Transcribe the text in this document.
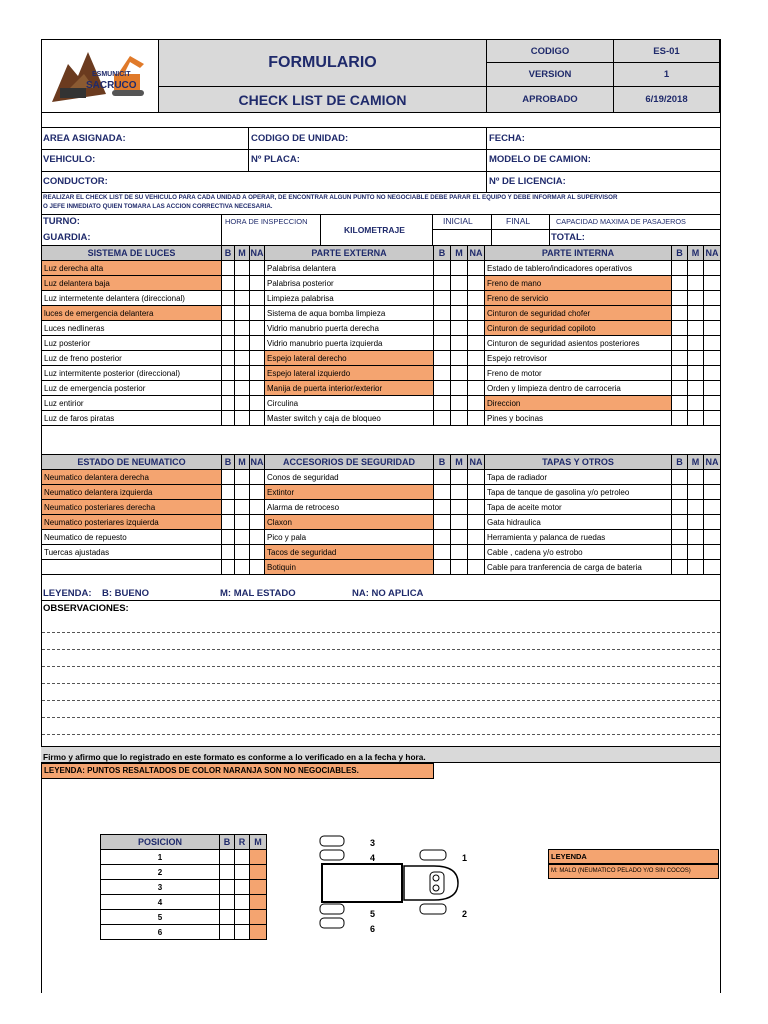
ESMUNICIT
SACRUCO
FORMULARIO
CHECK LIST DE CAMION
CODIGO	ES-01
VERSION	1
APROBADO	6/19/2018
AREA ASIGNADA:	CODIGO DE UNIDAD:	FECHA:
VEHICULO:	Nº PLACA:	MODELO DE CAMION:
CONDUCTOR:	Nº DE LICENCIA:
REALIZAR EL CHECK LIST DE SU VEHICULO PARA CADA UNIDAD A OPERAR, DE ENCONTRAR ALGUN PUNTO NO NEGOCIABLE DEBE PARAR EL EQUIPO Y DEBE INFORMAR AL SUPERVISOR
O JEFE INMEDIATO QUIEN TOMARA LAS ACCION CORRECTIVA NECESARIA.
TURNO:
GUARDIA:
HORA DE INSPECCION
KILOMETRAJE
INICIAL	FINAL	CAPACIDAD MAXIMA DE PASAJEROS
TOTAL:
SISTEMA DE LUCES	B	M	NA	PARTE EXTERNA	B	M	NA	PARTE INTERNA	B	M	NA
Luz derecha alta				Palabrisa delantera				Estado de tablero/indicadores operativos			
Luz delantera baja				Palabrisa posterior				Freno de mano			
Luz intermetente delantera (direccional)				Limpieza palabrisa				Freno de servicio			
luces de emergencia delantera				Sistema de aqua bomba limpieza				Cinturon de seguridad chofer			
Luces nedlineras				Vidrio manubrio puerta derecha				Cinturon de seguridad copiloto			
Luz posterior				Vidrio manubrio puerta izquierda				Cinturon de seguridad asientos posteriores			
Luz de freno posterior				Espejo lateral derecho				Espejo retrovisor			
Luz intermitente posterior (direccional)				Espejo lateral izquierdo				Freno de motor			
Luz de emergencia posterior				Manija de puerta interior/exterior				Orden y limpieza dentro de carroceria			
Luz entirior				Circulina				Direccion			
Luz de faros piratas				Master switch y caja de bloqueo				Pines y bocinas			
ESTADO DE NEUMATICO	B	M	NA	ACCESORIOS DE SEGURIDAD	B	M	NA	TAPAS Y OTROS	B	M	NA
Neumatico delantera derecha				Conos de seguridad				Tapa de radiador			
Neumatico delantera izquierda				Extintor				Tapa de tanque de gasolina y/o petroleo			
Neumatico posteriares derecha				Alarma de retroceso				Tapa de aceite motor			
Neumatico posteriares izquierda				Claxon				Gata hidraulica			
Neumatico de repuesto				Pico y pala				Herramienta y palanca de ruedas			
Tuercas ajustadas				Tacos de seguridad				Cable , cadena y/o estrobo			
				Botiquin				Cable para tranferencia de carga de bateria			
LEYENDA: B: BUENO	M: MAL ESTADO	NA: NO APLICA
OBSERVACIONES:
Firmo y afirmo que lo registrado en este formato es conforme a lo verificado en a la fecha y hora.
LEYENDA: PUNTOS RESALTADOS DE COLOR NARANJA SON NO NEGOCIABLES.
POSICION	B	R	M
1			
2			
3			
4			
5			
6			
3
4	1
5	2
6
LEYENDA
M: MALO (NEUMATICO PELADO Y/O SIN COCOS)
